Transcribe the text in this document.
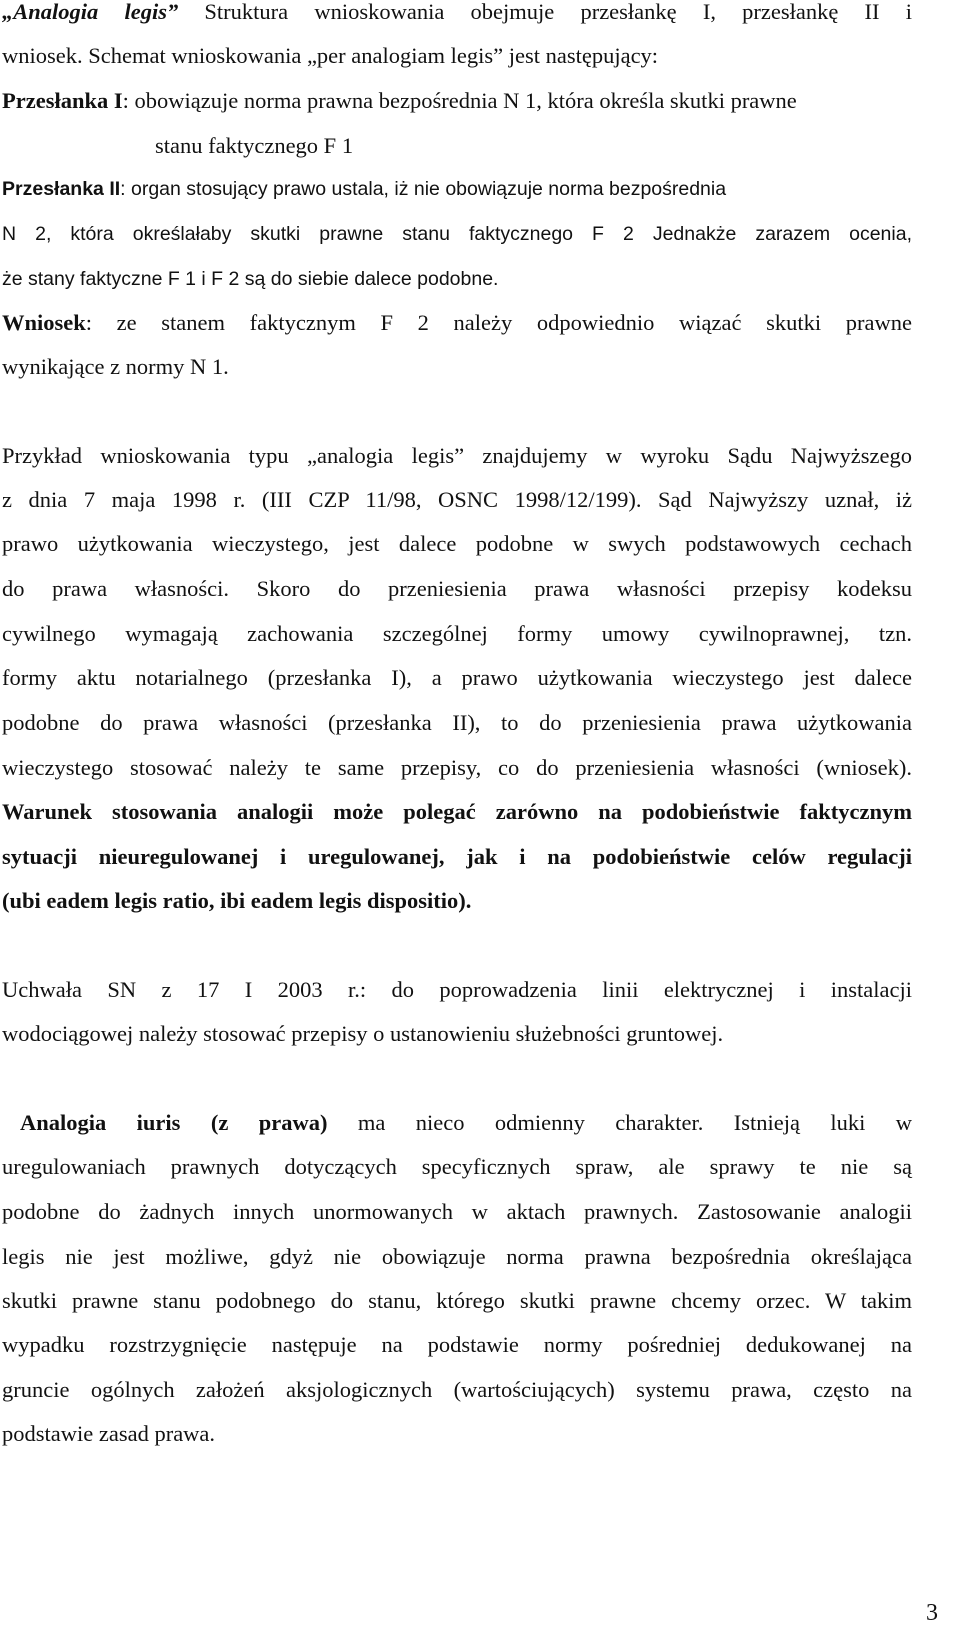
„Analogia legis” Struktura wnioskowania obejmuje przesłankę I, przesłankę II i
wniosek. Schemat wnioskowania „per analogiam legis” jest następujący:
Przesłanka I: obowiązuje norma prawna bezpośrednia N 1, która określa skutki prawne
stanu faktycznego F 1
Przesłanka II: organ stosujący prawo ustala, iż nie obowiązuje norma bezpośrednia
N 2, która określałaby skutki prawne stanu faktycznego F 2 Jednakże zarazem ocenia,
że stany faktyczne F 1 i F 2 są do siebie dalece podobne.
Wniosek: ze stanem faktycznym F 2 należy odpowiednio wiązać skutki prawne
wynikające z normy N 1.
Przykład wnioskowania typu „analogia legis” znajdujemy w wyroku Sądu Najwyższego
z dnia 7 maja 1998 r. (III CZP 11/98, OSNC 1998/12/199). Sąd Najwyższy uznał, iż
prawo użytkowania wieczystego, jest dalece podobne w swych podstawowych cechach
do prawa własności. Skoro do przeniesienia prawa własności przepisy kodeksu
cywilnego wymagają zachowania szczególnej formy umowy cywilnoprawnej, tzn.
formy aktu notarialnego (przesłanka I), a prawo użytkowania wieczystego jest dalece
podobne do prawa własności (przesłanka II), to do przeniesienia prawa użytkowania
wieczystego stosować należy te same przepisy, co do przeniesienia własności (wniosek).
Warunek stosowania analogii może polegać zarówno na podobieństwie faktycznym
sytuacji nieuregulowanej i uregulowanej, jak i na podobieństwie celów regulacji
(ubi eadem legis ratio, ibi eadem legis dispositio).
Uchwała SN z 17 I 2003 r.: do poprowadzenia linii elektrycznej i instalacji
wodociągowej należy stosować przepisy o ustanowieniu służebności gruntowej.
Analogia iuris (z prawa) ma nieco odmienny charakter. Istnieją luki w
uregulowaniach prawnych dotyczących specyficznych spraw, ale sprawy te nie są
podobne do żadnych innych unormowanych w aktach prawnych. Zastosowanie analogii
legis nie jest możliwe, gdyż nie obowiązuje norma prawna bezpośrednia określająca
skutki prawne stanu podobnego do stanu, którego skutki prawne chcemy orzec. W takim
wypadku rozstrzygnięcie następuje na podstawie normy pośredniej dedukowanej na
gruncie ogólnych założeń aksjologicznych (wartościujących) systemu prawa, często na
podstawie zasad prawa.
3
